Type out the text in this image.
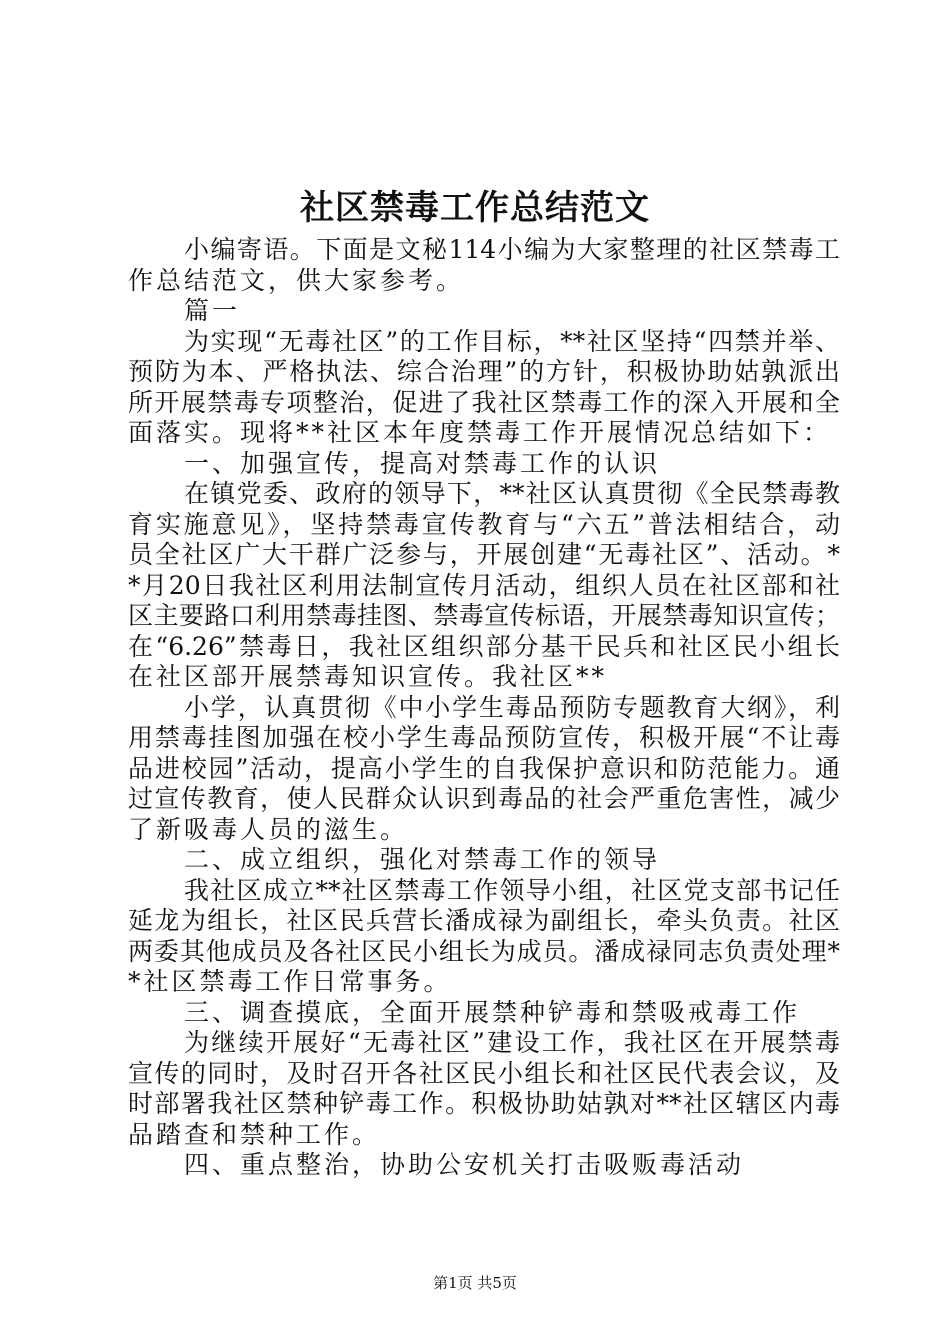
社区禁毒工作总结范文
小编寄语。下面是文秘114小编为大家整理的社区禁毒工
作总结范文，供大家参考。
篇一
为实现“无毒社区”的工作目标，**社区坚持“四禁并举、
预防为本、严格执法、综合治理”的方针，积极协助姑孰派出
所开展禁毒专项整治，促进了我社区禁毒工作的深入开展和全
面落实。现将**社区本年度禁毒工作开展情况总结如下：
一、加强宣传，提高对禁毒工作的认识
在镇党委、政府的领导下，**社区认真贯彻《全民禁毒教
育实施意见》，坚持禁毒宣传教育与“六五”普法相结合，动
员全社区广大干群广泛参与，开展创建“无毒社区”、活动。*
*月20日我社区利用法制宣传月活动，组织人员在社区部和社
区主要路口利用禁毒挂图、禁毒宣传标语，开展禁毒知识宣传；
在“6.26”禁毒日，我社区组织部分基干民兵和社区民小组长
在社区部开展禁毒知识宣传。我社区**
小学，认真贯彻《中小学生毒品预防专题教育大纲》，利
用禁毒挂图加强在校小学生毒品预防宣传，积极开展“不让毒
品进校园”活动，提高小学生的自我保护意识和防范能力。通
过宣传教育，使人民群众认识到毒品的社会严重危害性，减少
了新吸毒人员的滋生。
二、成立组织，强化对禁毒工作的领导
我社区成立**社区禁毒工作领导小组，社区党支部书记任
延龙为组长，社区民兵营长潘成禄为副组长，牵头负责。社区
两委其他成员及各社区民小组长为成员。潘成禄同志负责处理*
*社区禁毒工作日常事务。
三、调查摸底，全面开展禁种铲毒和禁吸戒毒工作
为继续开展好“无毒社区”建设工作，我社区在开展禁毒
宣传的同时，及时召开各社区民小组长和社区民代表会议，及
时部署我社区禁种铲毒工作。积极协助姑孰对**社区辖区内毒
品踏查和禁种工作。
四、重点整治，协助公安机关打击吸贩毒活动
第1页 共5页
